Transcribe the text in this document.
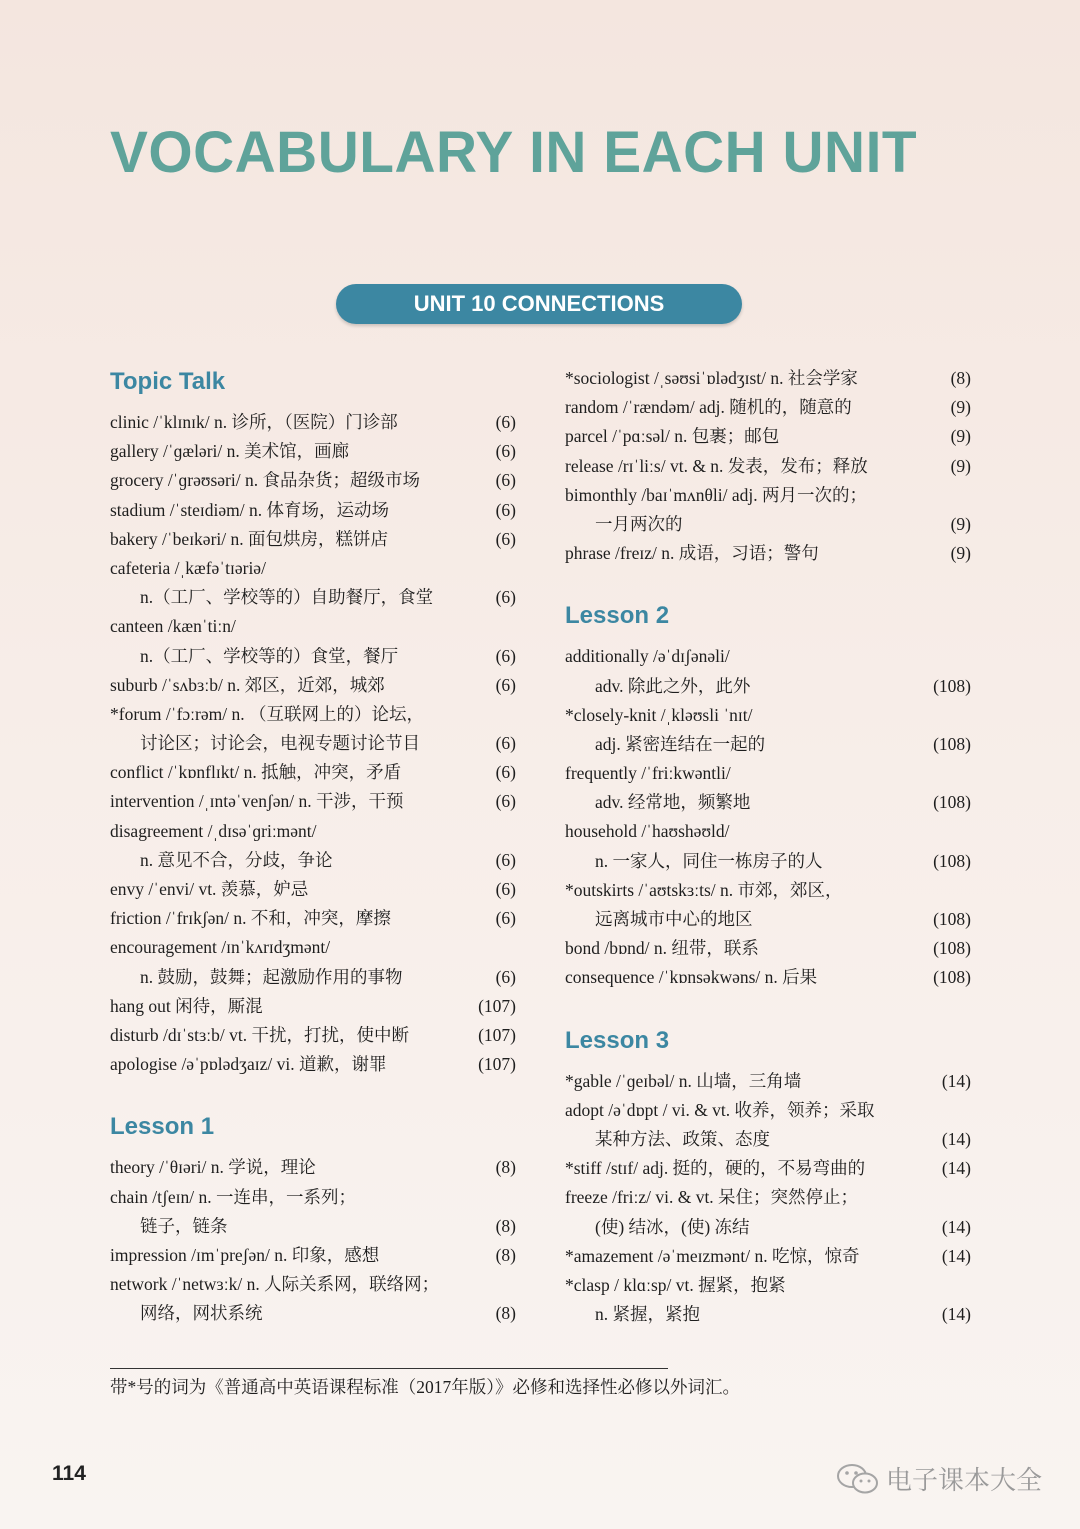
VOCABULARY IN EACH UNIT
UNIT 10 CONNECTIONS
Topic Talk
clinic /ˈklɪnɪk/ n. 诊所，（医院）门诊部	(6)
gallery /ˈɡæləri/ n. 美术馆，画廊	(6)
grocery /ˈɡrəʊsəri/ n. 食品杂货；超级市场	(6)
stadium /ˈsteɪdiəm/ n. 体育场，运动场	(6)
bakery /ˈbeɪkəri/ n. 面包烘房，糕饼店	(6)
cafeteria /ˌkæfəˈtɪəriə/
n.（工厂、学校等的）自助餐厅，食堂	(6)
canteen /kænˈtiːn/
n.（工厂、学校等的）食堂，餐厅	(6)
suburb /ˈsʌbɜːb/ n. 郊区，近郊，城郊	(6)
*forum /ˈfɔːrəm/ n. （互联网上的）论坛，
讨论区；讨论会，电视专题讨论节目	(6)
conflict /ˈkɒnflɪkt/ n. 抵触，冲突，矛盾	(6)
intervention /ˌɪntəˈvenʃən/ n. 干涉，干预	(6)
disagreement /ˌdɪsəˈɡriːmənt/
n. 意见不合，分歧，争论	(6)
envy /ˈenvi/ vt. 羡慕，妒忌	(6)
friction /ˈfrɪkʃən/ n. 不和，冲突，摩擦	(6)
encouragement /ɪnˈkʌrɪdʒmənt/
n. 鼓励，鼓舞；起激励作用的事物	(6)
hang out 闲待，厮混	(107)
disturb /dɪˈstɜːb/ vt. 干扰，打扰，使中断	(107)
apologise /əˈpɒlədʒaɪz/ vi. 道歉，谢罪	(107)
Lesson 1
theory /ˈθɪəri/ n. 学说，理论	(8)
chain /tʃeɪn/ n. 一连串，一系列；
链子，链条	(8)
impression /ɪmˈpreʃən/ n. 印象，感想	(8)
network /ˈnetwɜːk/ n. 人际关系网，联络网；
网络，网状系统	(8)
*sociologist /ˌsəʊsiˈɒlədʒɪst/ n. 社会学家	(8)
random /ˈrændəm/ adj. 随机的，随意的	(9)
parcel /ˈpɑːsəl/ n. 包裹；邮包	(9)
release /rɪˈliːs/ vt. & n. 发表，发布；释放	(9)
bimonthly /baɪˈmʌnθli/ adj. 两月一次的；
一月两次的	(9)
phrase /freɪz/ n. 成语，习语；警句	(9)
Lesson 2
additionally /əˈdɪʃənəli/
adv. 除此之外，此外	(108)
*closely-knit /ˌkləʊsli ˈnɪt/
adj. 紧密连结在一起的	(108)
frequently /ˈfriːkwəntli/
adv. 经常地，频繁地	(108)
household /ˈhaʊshəʊld/
n. 一家人，同住一栋房子的人	(108)
*outskirts /ˈaʊtskɜːts/ n. 市郊，郊区，
远离城市中心的地区	(108)
bond /bɒnd/ n. 纽带，联系	(108)
consequence /ˈkɒnsəkwəns/ n. 后果	(108)
Lesson 3
*gable /ˈɡeɪbəl/ n. 山墙，三角墙	(14)
adopt /əˈdɒpt / vi. & vt. 收养，领养；采取
某种方法、政策、态度	(14)
*stiff /stɪf/ adj. 挺的，硬的，不易弯曲的	(14)
freeze /friːz/ vi. & vt. 呆住；突然停止；
(使) 结冰，(使) 冻结	(14)
*amazement /əˈmeɪzmənt/ n. 吃惊，惊奇	(14)
*clasp / klɑːsp/ vt. 握紧，抱紧
n. 紧握，紧抱	(14)
带*号的词为《普通高中英语课程标准（2017年版）》必修和选择性必修以外词汇。
114	电子课本大全
